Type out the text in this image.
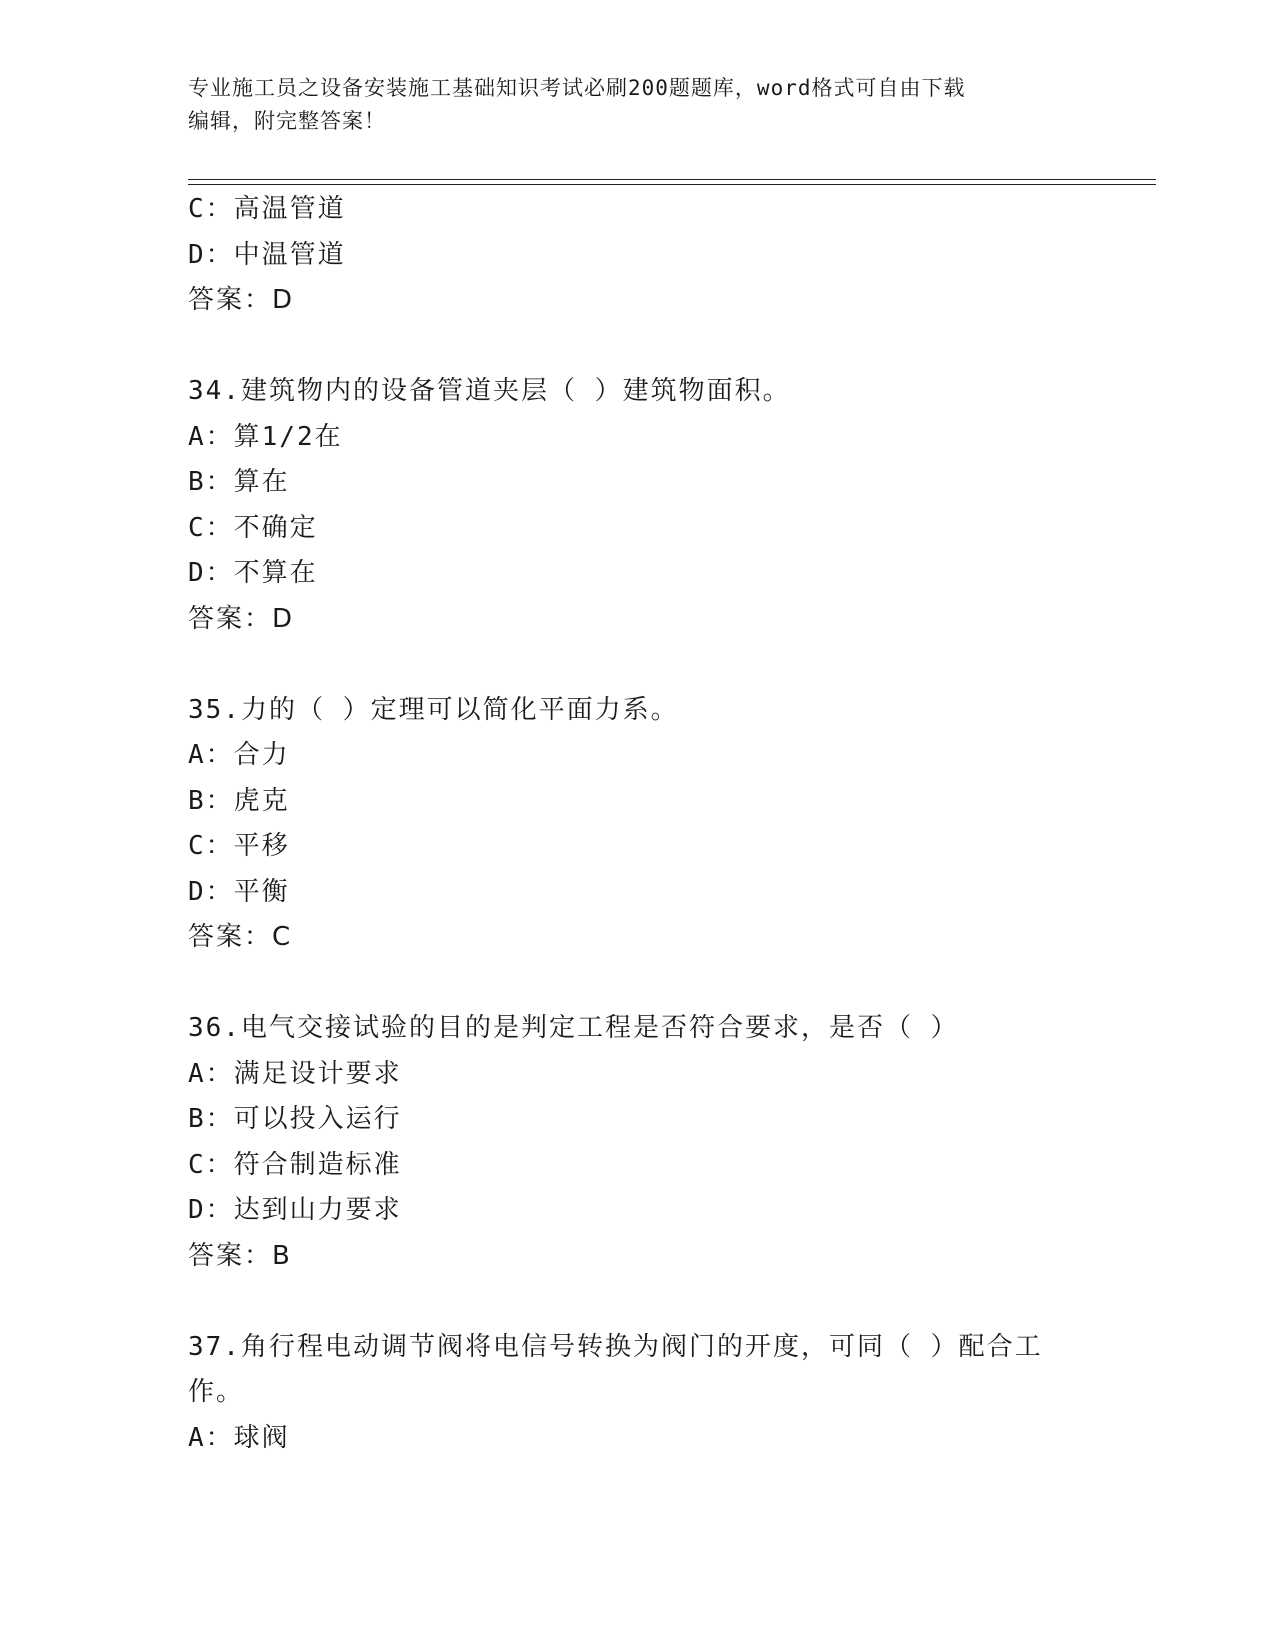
专业施工员之设备安装施工基础知识考试必刷200题题库，word格式可自由下载
编辑，附完整答案！
C：高温管道
D：中温管道
答案：D
34.建筑物内的设备管道夹层（ ）建筑物面积。
A：算1/2在
B：算在
C：不确定
D：不算在
答案：D
35.力的（ ）定理可以简化平面力系。
A：合力
B：虎克
C：平移
D：平衡
答案：C
36.电气交接试验的目的是判定工程是否符合要求，是否（ ）
A：满足设计要求
B：可以投入运行
C：符合制造标准
D：达到山力要求
答案：B
37.角行程电动调节阀将电信号转换为阀门的开度，可同（ ）配合工
作。
A：球阀
